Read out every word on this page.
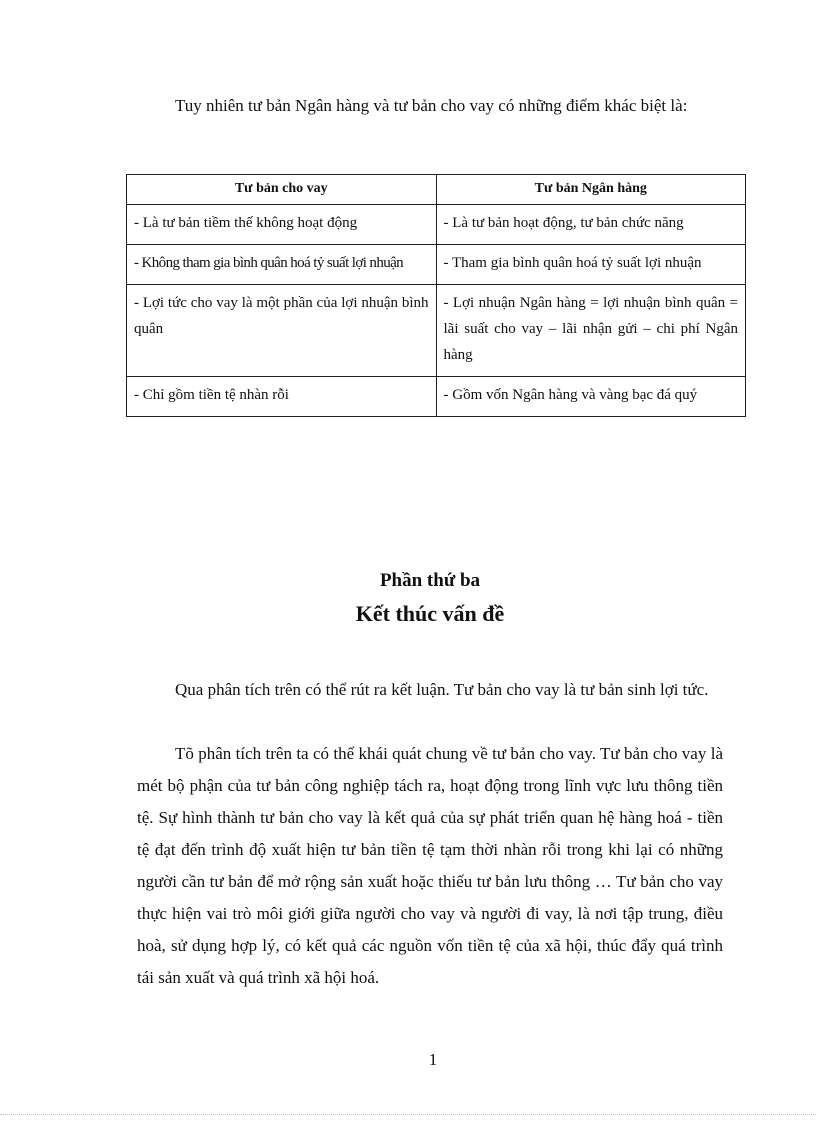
Tuy nhiên tư bản Ngân hàng và tư bản cho vay có những điểm khác biệt là:

Tư bản cho vay	Tư bản Ngân hàng
- Là tư bản tiềm thế không hoạt động	- Là tư bản hoạt động, tư bản chức năng
- Không tham gia bình quân hoá tỷ suất lợi nhuận	- Tham gia bình quân hoá tỷ suất lợi nhuận
- Lợi tức cho vay là một phần của lợi nhuận bình quân	- Lợi nhuận Ngân hàng = lợi nhuận bình quân = lãi suất cho vay – lãi nhận gửi – chi phí Ngân hàng
- Chỉ gồm tiền tệ nhàn rỗi	- Gồm vốn Ngân hàng và vàng bạc đá quý
Phần thứ ba
Kết thúc vấn đề

Qua phân tích trên có thể rút ra kết luận. Tư bản cho vay là tư bản sinh lợi tức.

Tõ phân tích trên ta có thể khái quát chung về tư bản cho vay. Tư bản cho vay là mét bộ phận của tư bản công nghiệp tách ra, hoạt động trong lĩnh vực lưu thông tiền tệ. Sự hình thành tư bản cho vay là kết quả của sự phát triển quan hệ hàng hoá - tiền tệ đạt đến trình độ xuất hiện tư bản tiền tệ tạm thời nhàn rỗi trong khi lại có những người cần tư bản để mở rộng sản xuất hoặc thiếu tư bản lưu thông … Tư bản cho vay thực hiện vai trò môi giới giữa người cho vay và người đi vay, là nơi tập trung, điều hoà, sử dụng hợp lý, có kết quả các nguồn vốn tiền tệ của xã hội, thúc đẩy quá trình tái sản xuất và quá trình xã hội hoá.

1
